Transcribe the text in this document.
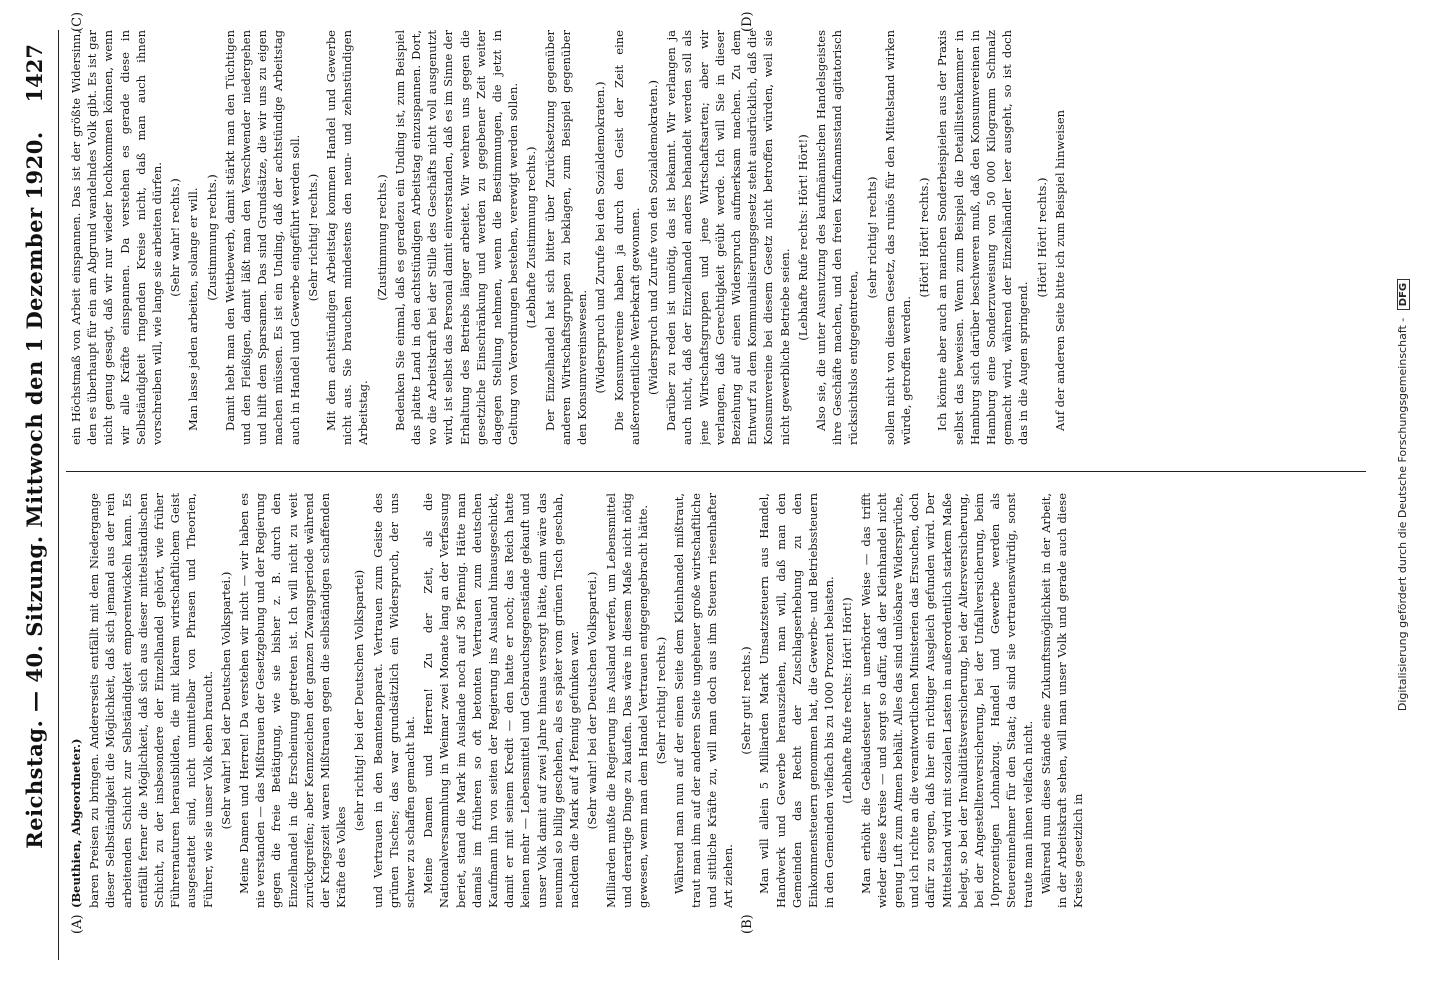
Reichstag. — 40. Sitzung. Mittwoch den 1 Dezember 1920.
1427
(A)	(B)
(C)	(D)

(Beuthien, Abgeordneter.) baren Preisen zu bringen. Andererseits entfällt mit dem Niedergange dieser Selbständigkeit die Möglichkeit, daß sich jemand aus der rein arbeitenden Schicht zur Selbständigkeit emporentwickeln kann. Es entfällt ferner die Möglichkeit, daß sich aus dieser mittelständischen Schicht, zu der insbesondere der Einzelhandel gehört, wie früher Führernaturen herausbilden, die mit klarem wirtschaftlichem Geist ausgestattet sind, nicht unmittelbar von Phrasen und Theorien, Führer, wie sie unser Volk eben braucht. (Sehr wahr! bei der Deutschen Volkspartei.) Meine Damen und Herren! Da verstehen wir nicht — wir haben es nie verstanden — das Mißtrauen der Gesetzgebung und der Regierung gegen die freie Betätigung, wie sie bisher z. B. durch den Einzelhandel in die Erscheinung getreten ist. Ich will nicht zu weit zurückgreifen; aber Kennzeichen der ganzen Zwangsperiode während der Kriegszeit waren Mißtrauen gegen die selbständigen schaffenden Kräfte des Volkes

(sehr richtig! bei der Deutschen Volkspartei) und Vertrauen in den Beamtenapparat. Vertrauen zum Geiste des grünen Tisches; das war grundsätzlich ein Widerspruch, der uns schwer zu schaffen gemacht hat. Meine Damen und Herren! Zu der Zeit, als die Nationalversammlung in Weimar zwei Monate lang an der Verfassung beriet, stand die Mark im Auslande noch auf 36 Pfennig. Hätte man damals im früheren so oft betonten Vertrauen zum deutschen Kaufmann ihn von seiten der Regierung ins Ausland hinausgeschickt, damit er mit seinem Kredit — den hatte er noch; das Reich hatte keinen mehr — Lebensmittel und Gebrauchsgegenstände gekauft und unser Volk damit auf zwei Jahre hinaus versorgt hätte, dann wäre das neunmal so billig geschehen, als es später vom grünen Tisch geschah, nachdem die Mark auf 4 Pfennig gefunken war. (Sehr wahr! bei der Deutschen Volkspartei.) Milliarden mußte die Regierung ins Ausland werfen, um Lebensmittel und derartige Dinge zu kaufen. Das wäre in diesem Maße nicht nötig gewesen, wenn man dem Handel Vertrauen entgegengebracht hätte. (Sehr richtig! rechts.) Während man nun auf der einen Seite dem Kleinhandel mißtraut, traut man ihm auf der anderen Seite ungeheuer große wirtschaftliche und sittliche Kräfte zu, will man doch aus ihm Steuern riesenhafter Art ziehen.

(Sehr gut! rechts.) Man will allein 5 Milliarden Mark Umsatzsteuern aus Handel, Handwerk und Gewerbe herausziehen, man will, daß man den Gemeinden das Recht der Zuschlagserhebung zu den Einkommensteuern genommen hat, die Gewerbe- und Betriebssteuern in den Gemeinden vielfach bis zu 1000 Prozent belasten. (Lebhafte Rufe rechts: Hört! Hört!) Man erhöht die Gebäudesteuer in unerhörter Weise — das trifft wieder diese Kreise — und sorgt so dafür, daß der Kleinhandel nicht genug Luft zum Atmen behält. Alles das sind unlösbare Widersprüche, und ich richte an die verantwortlichen Ministerien das Ersuchen, doch dafür zu sorgen, daß hier ein richtiger Ausgleich gefunden wird. Der Mittelstand wird mit sozialen Lasten in außerordentlich starkem Maße belegt, so bei der Invaliditätsversicherung, bei der Altersversicherung, bei der Angestelltenversicherung, bei der Unfallversicherung, beim 10prozentigen Lohnabzug. Handel und Gewerbe werden als Steuereinnehmer für den Staat; da sind sie vertrauenswürdig, sonst traute man ihnen vielfach nicht. Während nun diese Stände eine Zukunftsmöglichkeit in der Arbeit, in der Arbeitskraft sehen, will man unser Volk und gerade auch diese Kreise gesetzlich in

ein Höchstmaß von Arbeit einspannen. Das ist der größte Widersinn, den es überhaupt für ein am Abgrund wandelndes Volk gibt. Es ist gar nicht genug gesagt, daß wir nur wieder hochkommen können, wenn wir alle Kräfte einspannen. Da verstehen es gerade diese in Selbständigkeit ringenden Kreise nicht, daß man auch ihnen vorschreiben will, wie lange sie arbeiten dürfen. (Sehr wahr! rechts.) Man lasse jeden arbeiten, solange er will. (Zustimmung rechts.) Damit hebt man den Wettbewerb, damit stärkt man den Tüchtigen und den Fleißigen, damit läßt man den Verschwender niedergehen und hilft dem Sparsamen. Das sind Grundsätze, die wir uns zu eigen machen müssen. Es ist ein Unding, daß der achtstündige Arbeitstag auch in Handel und Gewerbe eingeführt werden soll. (Sehr richtig! rechts.) Mit dem achtstündigen Arbeitstag kommen Handel und Gewerbe nicht aus. Sie brauchen mindestens den neun- und zehnstündigen Arbeitstag.

(Zustimmung rechts.) Bedenken Sie einmal, daß es geradezu ein Unding ist, zum Beispiel das platte Land in den achtstündigen Arbeitstag einzuspannen. Dort, wo die Arbeitskraft bei der Stille des Geschäfts nicht voll ausgenutzt wird, ist selbst das Personal damit einverstanden, daß es im Sinne der Erhaltung des Betriebs länger arbeitet. Wir wehren uns gegen die gesetzliche Einschränkung und werden zu gegebener Zeit weiter dagegen Stellung nehmen, wenn die Bestimmungen, die jetzt in Geltung von Verordnungen bestehen, verewigt werden sollen. (Lebhafte Zustimmung rechts.) Der Einzelhandel hat sich bitter über Zurücksetzung gegenüber anderen Wirtschaftsgruppen zu beklagen, zum Beispiel gegenüber den Konsumvereinswesen. (Widerspruch und Zurufe bei den Sozialdemokraten.) Die Konsumvereine haben ja durch den Geist der Zeit eine außerordentliche Werbekraft gewonnen. (Widerspruch und Zurufe von den Sozialdemokraten.) Darüber zu reden ist unnötig, das ist bekannt. Wir verlangen ja auch nicht, daß der Einzelhandel anders behandelt werden soll als jene Wirtschaftsgruppen und jene Wirtschaftsarten; aber wir verlangen, daß Gerechtigkeit geübt werde. Ich will Sie in dieser Beziehung auf einen Widerspruch aufmerksam machen. Zu dem Entwurf zu dem Kommunalisierungsgesetz steht ausdrücklich, daß die Konsumvereine bei diesem Gesetz nicht betroffen würden, weil sie nicht gewerbliche Betriebe seien.

(Lebhafte Rufe rechts: Hört! Hört!) Also sie, die unter Ausnutzung des kaufmännischen Handelsgeistes ihre Geschäfte machen, und den freien Kaufmannsstand agitatorisch rücksichtslos entgegentreten,

(sehr richtig! rechts) sollen nicht von diesem Gesetz, das ruinös für den Mittelstand wirken würde, getroffen werden.

(Hört! Hört! rechts.) Ich könnte aber auch an manchen Sonderbeispielen aus der Praxis selbst das beweisen. Wenn zum Beispiel die Detaillistenkammer in Hamburg sich darüber beschweren muß, daß den Konsumvereinen in Hamburg eine Sonderzuweisung von 50 000 Kilogramm Schmalz gemacht wird, während der Einzelhändler leer ausgeht, so ist doch das in die Augen springend.

(Hört! Hört! rechts.) Auf der anderen Seite bitte ich zum Beispiel hinweisen

Digitalisierung gefördert durch die Deutsche Forschungsgemeinschaft - DFG
